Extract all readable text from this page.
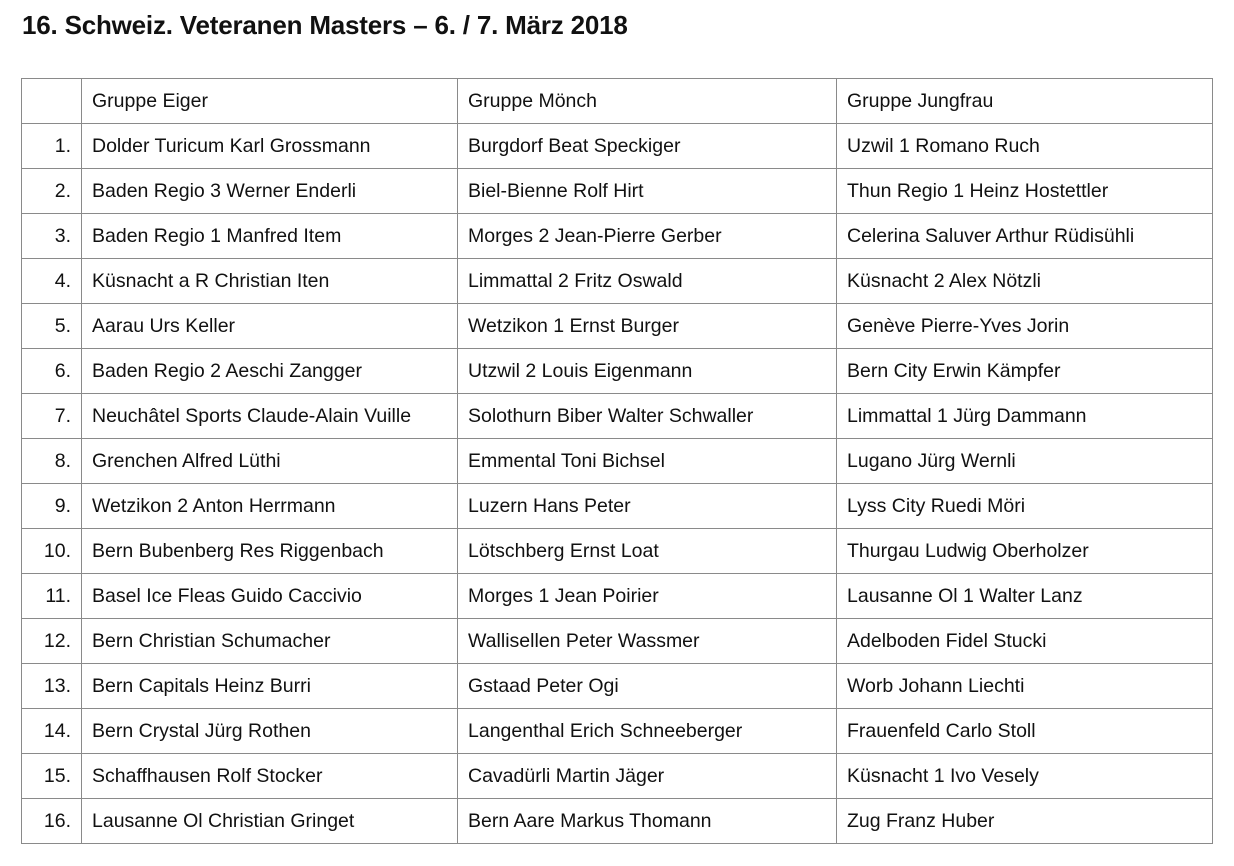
16. Schweiz. Veteranen Masters – 6. / 7. März 2018
	Gruppe Eiger	Gruppe Mönch	Gruppe Jungfrau
1.	Dolder Turicum Karl Grossmann	Burgdorf Beat Speckiger	Uzwil 1 Romano Ruch
2.	Baden Regio 3 Werner Enderli	Biel-Bienne Rolf Hirt	Thun Regio 1 Heinz Hostettler
3.	Baden Regio 1 Manfred Item	Morges 2 Jean-Pierre Gerber	Celerina Saluver Arthur Rüdisühli
4.	Küsnacht a R Christian Iten	Limmattal 2 Fritz Oswald	Küsnacht 2 Alex Nötzli
5.	Aarau Urs Keller	Wetzikon 1 Ernst Burger	Genève Pierre-Yves Jorin
6.	Baden Regio 2 Aeschi Zangger	Utzwil 2 Louis Eigenmann	Bern City Erwin Kämpfer
7.	Neuchâtel Sports Claude-Alain Vuille	Solothurn Biber Walter Schwaller	Limmattal 1 Jürg Dammann
8.	Grenchen Alfred Lüthi	Emmental Toni Bichsel	Lugano Jürg Wernli
9.	Wetzikon 2 Anton Herrmann	Luzern Hans Peter	Lyss City Ruedi Möri
10.	Bern Bubenberg Res Riggenbach	Lötschberg Ernst Loat	Thurgau Ludwig Oberholzer
11.	Basel Ice Fleas Guido Caccivio	Morges 1 Jean Poirier	Lausanne Ol 1 Walter Lanz
12.	Bern Christian Schumacher	Wallisellen Peter Wassmer	Adelboden Fidel Stucki
13.	Bern Capitals Heinz Burri	Gstaad Peter Ogi	Worb Johann Liechti
14.	Bern Crystal Jürg Rothen	Langenthal Erich Schneeberger	Frauenfeld Carlo Stoll
15.	Schaffhausen Rolf Stocker	Cavadürli Martin Jäger	Küsnacht 1 Ivo Vesely
16.	Lausanne Ol Christian Gringet	Bern Aare Markus Thomann	Zug Franz Huber
